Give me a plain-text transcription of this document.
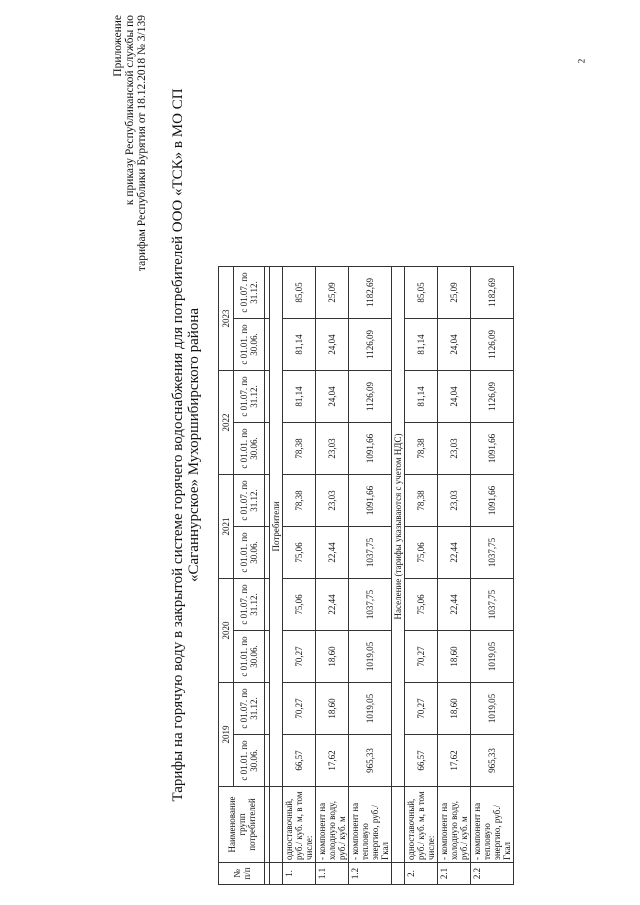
2
Приложение к приказу Республиканской службы по тарифам Республики Бурятия от 18.12.2018 № 3/139 Тарифы на горячую воду в закрытой системе горячего водоснабжения для потребителей ООО «ТСК» в МО СП «Саганнурское» Мухоршибирского района
№ п/п	Наименование групп потребителей	2019		2020		2021		2022		2023	
		с 01.01. по 30.06.	с 01.07. по 31.12.	с 01.01. по 30.06.	с 01.07. по 31.12.	с 01.01. по 30.06.	с 01.07. по 31.12.	с 01.01. по 30.06.	с 01.07. по 31.12.	с 01.01. по 30.06.	с 01.07. по 31.12.

		Потребители									
1.	одноставочный, руб./ куб. м, в том числе:	66,57	70,27	70,27	75,06	75,06	78,38	78,38	81,14	81,14	85,05
1.1	- компонент на холодную воду, руб./ куб. м	17,62	18,60	18,60	22,44	22,44	23,03	23,03	24,04	24,04	25,09
1.2	- компонент на тепловую энергию, руб./Гкал	965,33	1019,05	1019,05	1037,75	1037,75	1091,66	1091,66	1126,09	1126,09	1182,69
		Население (тарифы указываются с учетом НДС)									
2.	одноставочный, руб./ куб. м, в том числе:	66,57	70,27	70,27	75,06	75,06	78,38	78,38	81,14	81,14	85,05
2.1	- компонент на холодную воду, руб./ куб. м	17,62	18,60	18,60	22,44	22,44	23,03	23,03	24,04	24,04	25,09
2.2	- компонент на тепловую энергию, руб./Гкал	965,33	1019,05	1019,05	1037,75	1037,75	1091,66	1091,66	1126,09	1126,09	1182,69
